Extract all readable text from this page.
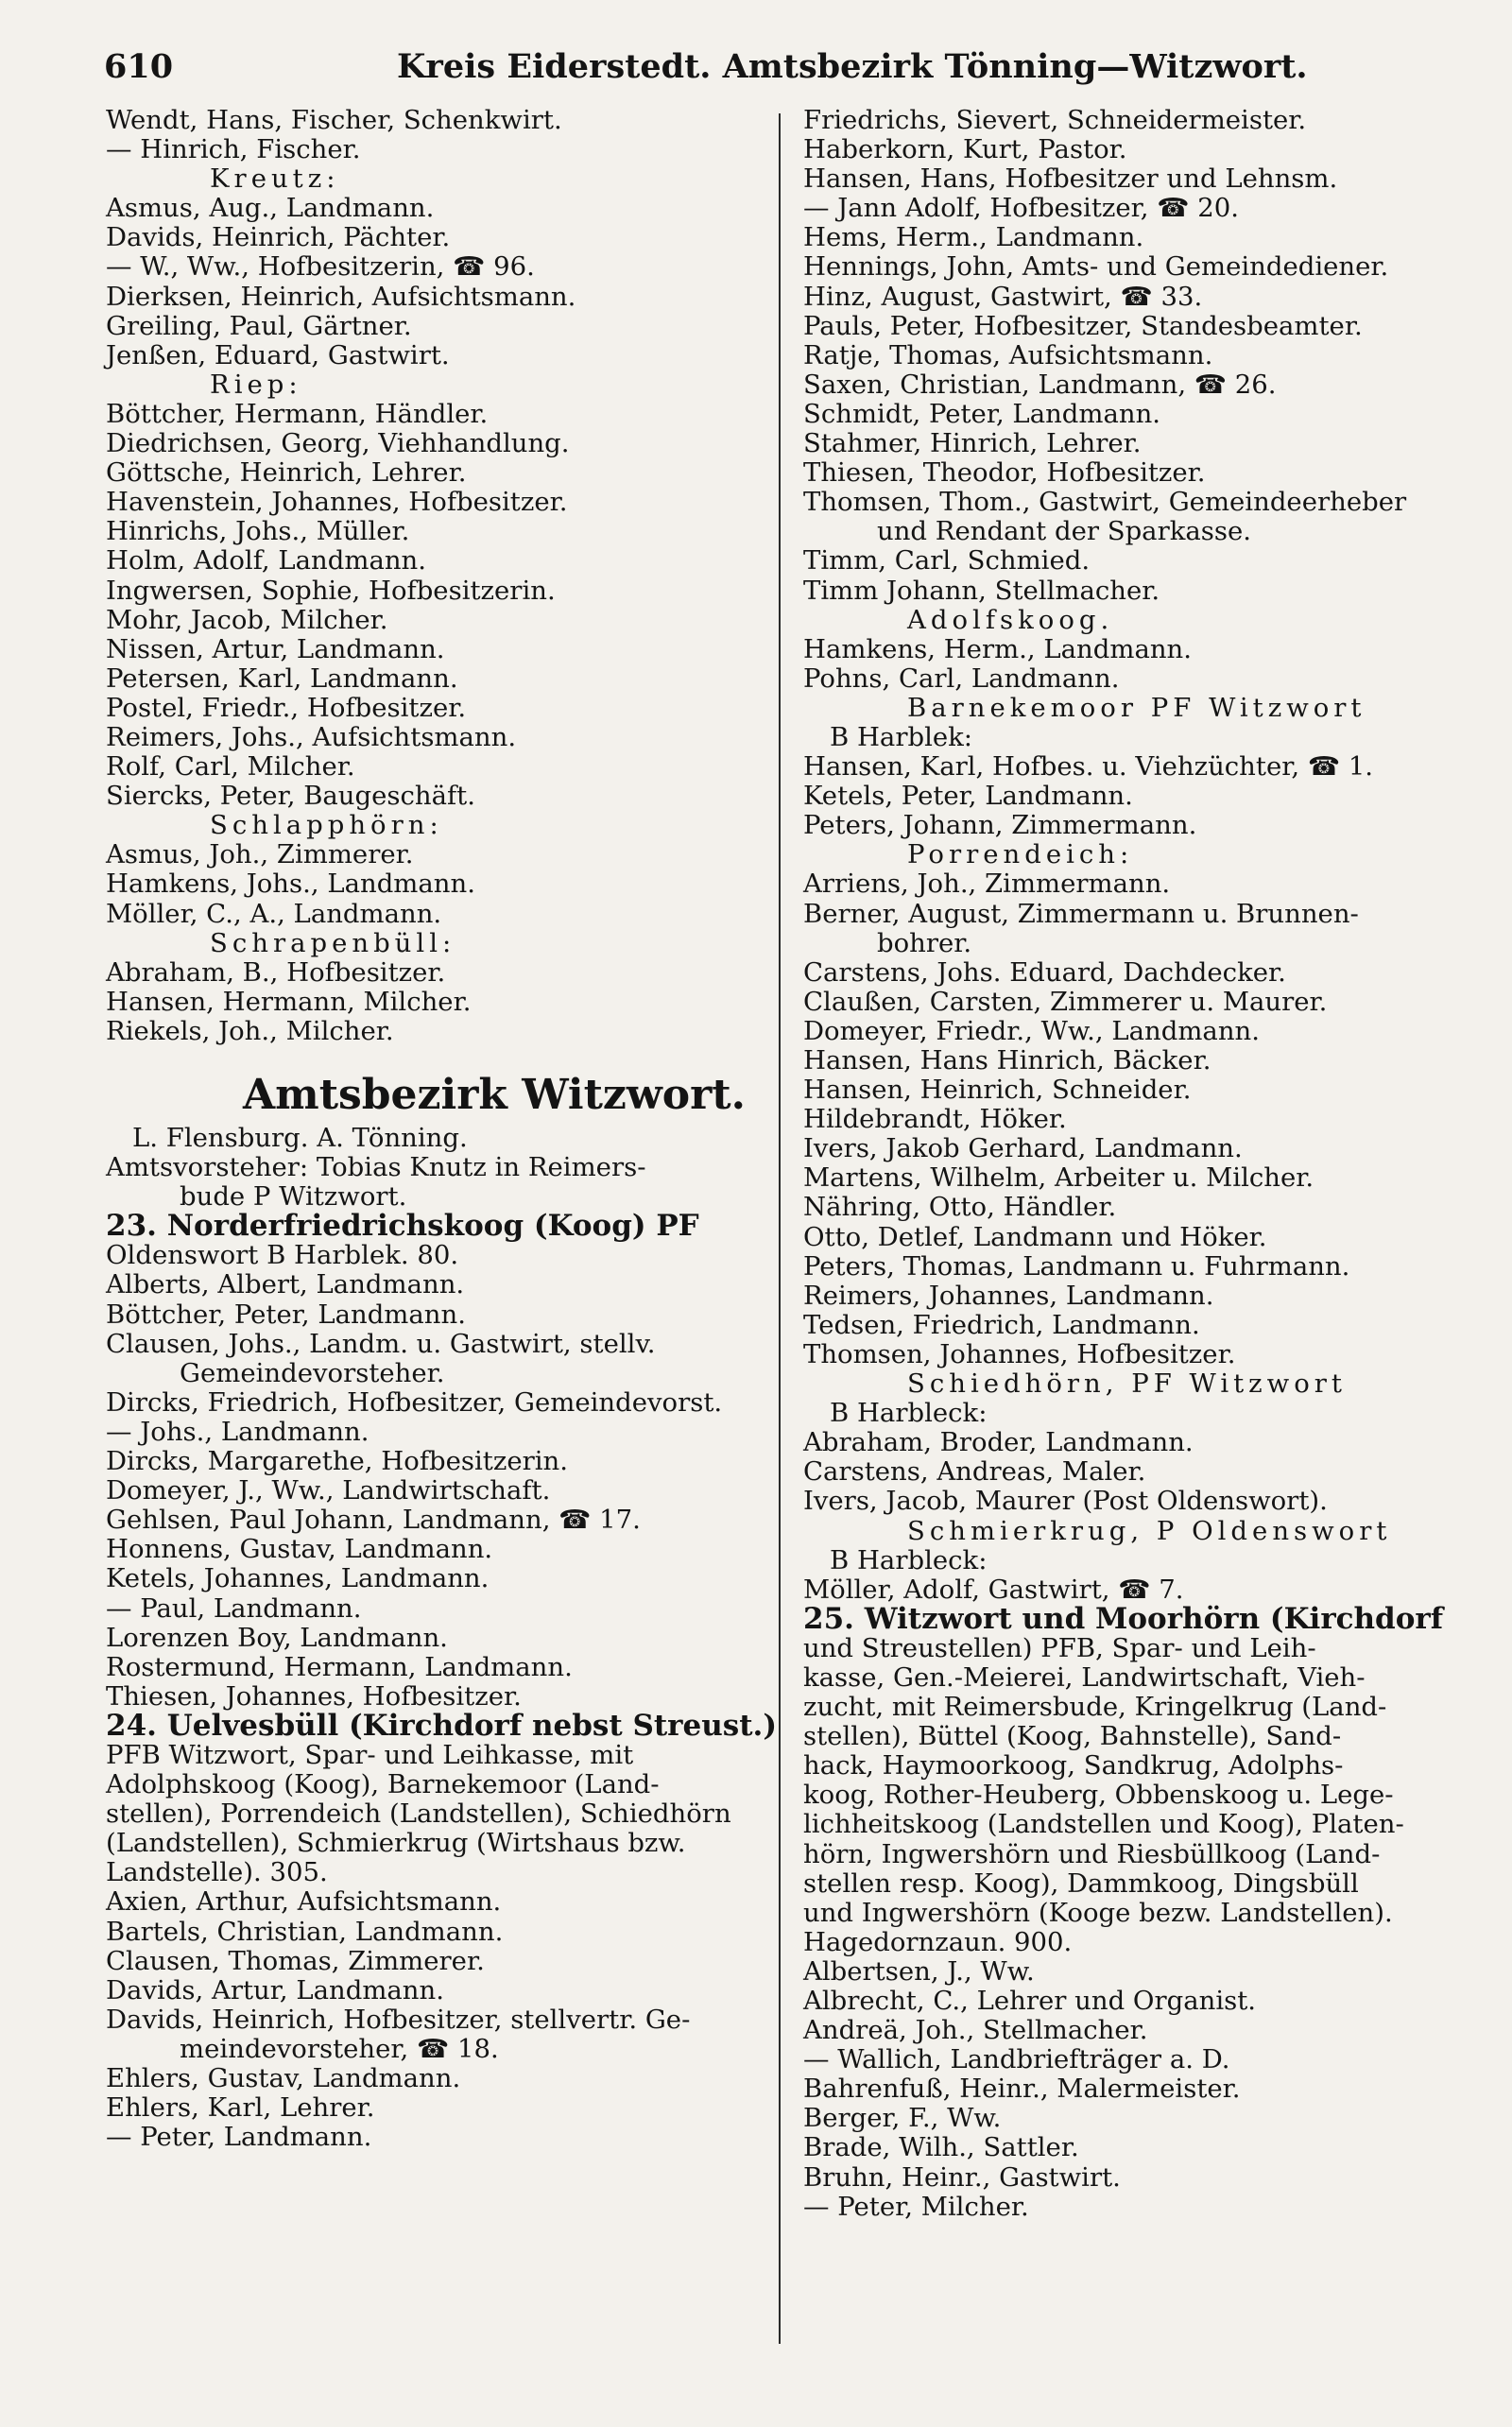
610	Kreis Eiderstedt. Amtsbezirk Tönning—Witzwort.
Wendt, Hans, Fischer, Schenkwirt.
— Hinrich, Fischer.
Kreutz:
Asmus, Aug., Landmann.
Davids, Heinrich, Pächter.
— W., Ww., Hofbesitzerin, ☎ 96.
Dierksen, Heinrich, Aufsichtsmann.
Greiling, Paul, Gärtner.
Jenßen, Eduard, Gastwirt.
Riep:
Böttcher, Hermann, Händler.
Diedrichsen, Georg, Viehhandlung.
Göttsche, Heinrich, Lehrer.
Havenstein, Johannes, Hofbesitzer.
Hinrichs, Johs., Müller.
Holm, Adolf, Landmann.
Ingwersen, Sophie, Hofbesitzerin.
Mohr, Jacob, Milcher.
Nissen, Artur, Landmann.
Petersen, Karl, Landmann.
Postel, Friedr., Hofbesitzer.
Reimers, Johs., Aufsichtsmann.
Rolf, Carl, Milcher.
Siercks, Peter, Baugeschäft.
Schlapphörn:
Asmus, Joh., Zimmerer.
Hamkens, Johs., Landmann.
Möller, C., A., Landmann.
Schrapenbüll:
Abraham, B., Hofbesitzer.
Hansen, Hermann, Milcher.
Riekels, Joh., Milcher.
Amtsbezirk Witzwort.
L. Flensburg. A. Tönning.
Amtsvorsteher: Tobias Knutz in Reimers-
bude P Witzwort.
23. Norderfriedrichskoog (Koog) PF
Oldenswort B Harblek. 80.
Alberts, Albert, Landmann.
Böttcher, Peter, Landmann.
Clausen, Johs., Landm. u. Gastwirt, stellv.
Gemeindevorsteher.
Dircks, Friedrich, Hofbesitzer, Gemeindevorst.
— Johs., Landmann.
Dircks, Margarethe, Hofbesitzerin.
Domeyer, J., Ww., Landwirtschaft.
Gehlsen, Paul Johann, Landmann, ☎ 17.
Honnens, Gustav, Landmann.
Ketels, Johannes, Landmann.
— Paul, Landmann.
Lorenzen Boy, Landmann.
Rostermund, Hermann, Landmann.
Thiesen, Johannes, Hofbesitzer.
24. Uelvesbüll (Kirchdorf nebst Streust.)
PFB Witzwort, Spar- und Leihkasse, mit
Adolphskoog (Koog), Barnekemoor (Land-
stellen), Porrendeich (Landstellen), Schiedhörn
(Landstellen), Schmierkrug (Wirtshaus bzw.
Landstelle). 305.
Axien, Arthur, Aufsichtsmann.
Bartels, Christian, Landmann.
Clausen, Thomas, Zimmerer.
Davids, Artur, Landmann.
Davids, Heinrich, Hofbesitzer, stellvertr. Ge-
meindevorsteher, ☎ 18.
Ehlers, Gustav, Landmann.
Ehlers, Karl, Lehrer.
— Peter, Landmann.
Friedrichs, Sievert, Schneidermeister.
Haberkorn, Kurt, Pastor.
Hansen, Hans, Hofbesitzer und Lehnsm.
— Jann Adolf, Hofbesitzer, ☎ 20.
Hems, Herm., Landmann.
Hennings, John, Amts- und Gemeindediener.
Hinz, August, Gastwirt, ☎ 33.
Pauls, Peter, Hofbesitzer, Standesbeamter.
Ratje, Thomas, Aufsichtsmann.
Saxen, Christian, Landmann, ☎ 26.
Schmidt, Peter, Landmann.
Stahmer, Hinrich, Lehrer.
Thiesen, Theodor, Hofbesitzer.
Thomsen, Thom., Gastwirt, Gemeindeerheber
und Rendant der Sparkasse.
Timm, Carl, Schmied.
Timm Johann, Stellmacher.
Adolfskoog.
Hamkens, Herm., Landmann.
Pohns, Carl, Landmann.
Barnekemoor PF Witzwort
B Harblek:
Hansen, Karl, Hofbes. u. Viehzüchter, ☎ 1.
Ketels, Peter, Landmann.
Peters, Johann, Zimmermann.
Porrendeich:
Arriens, Joh., Zimmermann.
Berner, August, Zimmermann u. Brunnen-
bohrer.
Carstens, Johs. Eduard, Dachdecker.
Claußen, Carsten, Zimmerer u. Maurer.
Domeyer, Friedr., Ww., Landmann.
Hansen, Hans Hinrich, Bäcker.
Hansen, Heinrich, Schneider.
Hildebrandt, Höker.
Ivers, Jakob Gerhard, Landmann.
Martens, Wilhelm, Arbeiter u. Milcher.
Nähring, Otto, Händler.
Otto, Detlef, Landmann und Höker.
Peters, Thomas, Landmann u. Fuhrmann.
Reimers, Johannes, Landmann.
Tedsen, Friedrich, Landmann.
Thomsen, Johannes, Hofbesitzer.
Schiedhörn, PF Witzwort
B Harbleck:
Abraham, Broder, Landmann.
Carstens, Andreas, Maler.
Ivers, Jacob, Maurer (Post Oldenswort).
Schmierkrug, P Oldenswort
B Harbleck:
Möller, Adolf, Gastwirt, ☎ 7.
25. Witzwort und Moorhörn (Kirchdorf
und Streustellen) PFB, Spar- und Leih-
kasse, Gen.-Meierei, Landwirtschaft, Vieh-
zucht, mit Reimersbude, Kringelkrug (Land-
stellen), Büttel (Koog, Bahnstelle), Sand-
hack, Haymoorkoog, Sandkrug, Adolphs-
koog, Rother-Heuberg, Obbenskoog u. Lege-
lichheitskoog (Landstellen und Koog), Platen-
hörn, Ingwershörn und Riesbüllkoog (Land-
stellen resp. Koog), Dammkoog, Dingsbüll
und Ingwershörn (Kooge bezw. Landstellen).
Hagedornzaun. 900.
Albertsen, J., Ww.
Albrecht, C., Lehrer und Organist.
Andreä, Joh., Stellmacher.
— Wallich, Landbriefträger a. D.
Bahrenfuß, Heinr., Malermeister.
Berger, F., Ww.
Brade, Wilh., Sattler.
Bruhn, Heinr., Gastwirt.
— Peter, Milcher.
